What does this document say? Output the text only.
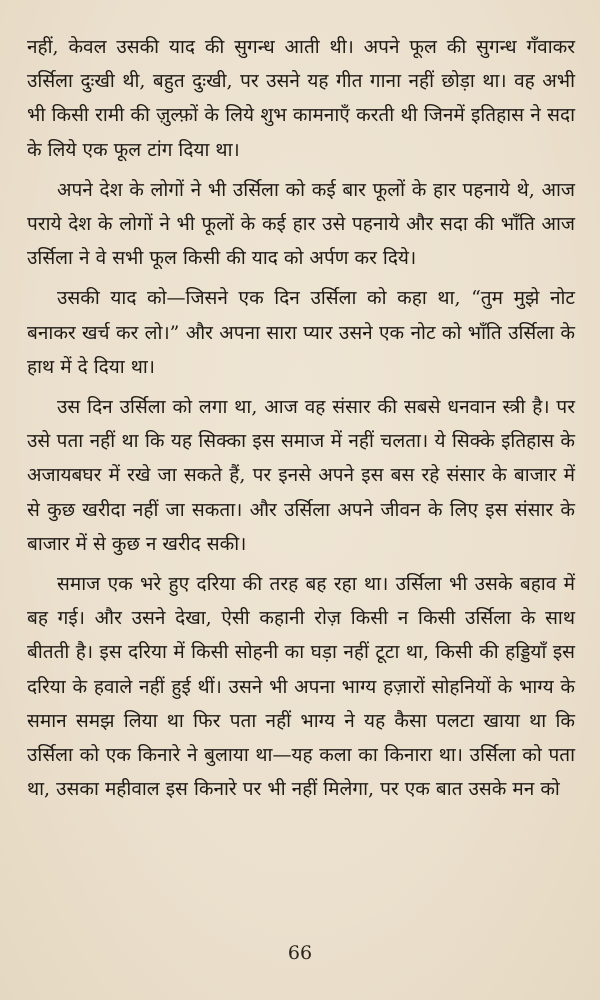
नहीं, केवल उसकी याद की सुगन्ध आती थी। अपने फूल की सुगन्ध गँवाकर उर्सिला दुःखी थी, बहुत दुःखी, पर उसने यह गीत गाना नहीं छोड़ा था। वह अभी भी किसी रामी की ज़ुल्फ़ों के लिये शुभ कामनाएँ करती थी जिनमें इतिहास ने सदा के लिये एक फूल टांग दिया था।

अपने देश के लोगों ने भी उर्सिला को कई बार फूलों के हार पहनाये थे, आज पराये देश के लोगों ने भी फूलों के कई हार उसे पहनाये और सदा की भाँति आज उर्सिला ने वे सभी फूल किसी की याद को अर्पण कर दिये।

उसकी याद को—जिसने एक दिन उर्सिला को कहा था, “तुम मुझे नोट बनाकर खर्च कर लो।” और अपना सारा प्यार उसने एक नोट को भाँति उर्सिला के हाथ में दे दिया था।

उस दिन उर्सिला को लगा था, आज वह संसार की सबसे धनवान स्त्री है। पर उसे पता नहीं था कि यह सिक्का इस समाज में नहीं चलता। ये सिक्के इतिहास के अजायबघर में रखे जा सकते हैं, पर इनसे अपने इस बस रहे संसार के बाजार में से कुछ खरीदा नहीं जा सकता। और उर्सिला अपने जीवन के लिए इस संसार के बाजार में से कुछ न खरीद सकी।

समाज एक भरे हुए दरिया की तरह बह रहा था। उर्सिला भी उसके बहाव में बह गई। और उसने देखा, ऐसी कहानी रोज़ किसी न किसी उर्सिला के साथ बीतती है। इस दरिया में किसी सोहनी का घड़ा नहीं टूटा था, किसी की हड्डियाँ इस दरिया के हवाले नहीं हुई थीं। उसने भी अपना भाग्य हज़ारों सोहनियों के भाग्य के समान समझ लिया था फिर पता नहीं भाग्य ने यह कैसा पलटा खाया था कि उर्सिला को एक किनारे ने बुलाया था—यह कला का किनारा था। उर्सिला को पता था, उसका महीवाल इस किनारे पर भी नहीं मिलेगा, पर एक बात उसके मन को

66
